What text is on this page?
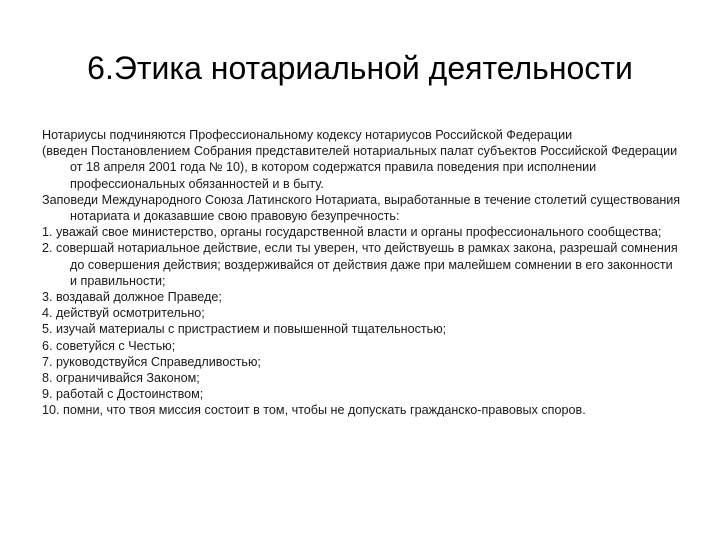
6.Этика нотариальной деятельности

Нотариусы подчиняются Профессиональному кодексу нотариусов Российской Федерации

(введен Постановлением Собрания представителей нотариальных палат субъектов Российской Федерации от 18 апреля 2001 года № 10), в котором содержатся правила поведения при исполнении профессиональных обязанностей и в быту.

Заповеди Международного Союза Латинского Нотариата, выработанные в течение столетий существования нотариата и доказавшие свою правовую безупречность:

1. уважай свое министерство, органы государственной власти и органы профессионального сообщества;

2. совершай нотариальное действие, если ты уверен, что действуешь в рамках закона, разрешай сомнения до совершения действия; воздерживайся от действия даже при малейшем сомнении в его законности и правильности;

3. воздавай должное Праведе;

4. действуй осмотрительно;

5. изучай материалы с пристрастием и повышенной тщательностью;

6. советуйся с Честью;

7. руководствуйся Справедливостью;

8. ограничивайся Законом;

9. работай с Достоинством;

10. помни, что твоя миссия состоит в том, чтобы не допускать гражданско-правовых споров.
